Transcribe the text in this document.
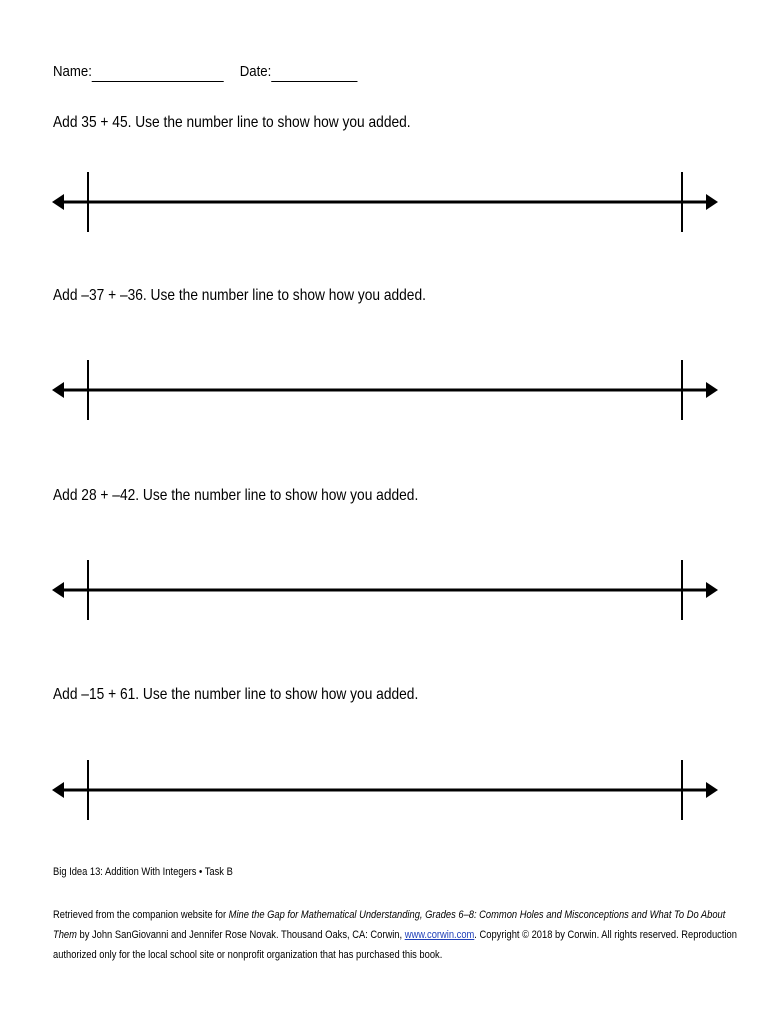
Name:	Date:
Add 35 + 45. Use the number line to show how you added.
Add –37 + –36. Use the number line to show how you added.
Add 28 + –42. Use the number line to show how you added.
Add –15 + 61. Use the number line to show how you added.
Big Idea 13: Addition With Integers • Task B
Retrieved from the companion website for Mine the Gap for Mathematical Understanding, Grades 6–8: Common Holes and Misconceptions and What To Do About
Them by John SanGiovanni and Jennifer Rose Novak. Thousand Oaks, CA: Corwin, www.corwin.com. Copyright © 2018 by Corwin. All rights reserved. Reproduction
authorized only for the local school site or nonprofit organization that has purchased this book.
